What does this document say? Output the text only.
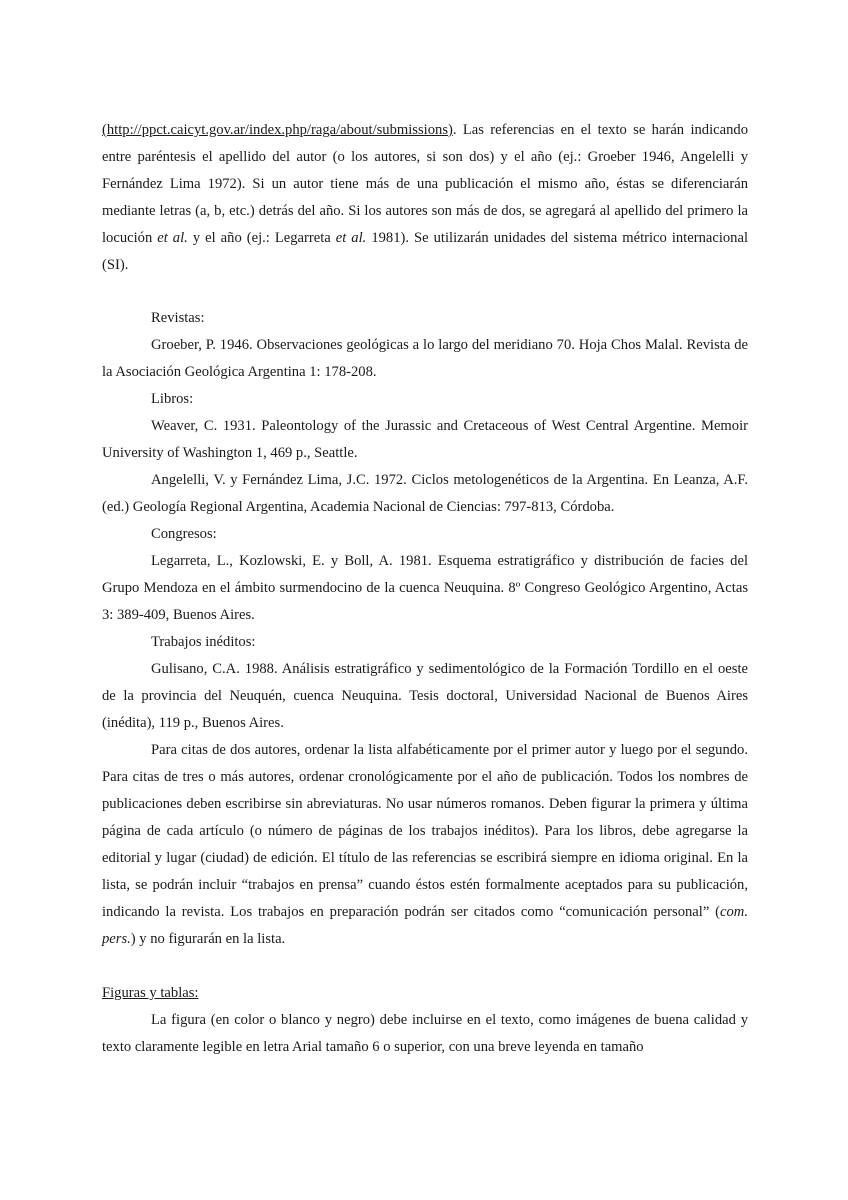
(http://ppct.caicyt.gov.ar/index.php/raga/about/submissions). Las referencias en el texto se harán indicando entre paréntesis el apellido del autor (o los autores, si son dos) y el año (ej.: Groeber 1946, Angelelli y Fernández Lima 1972). Si un autor tiene más de una publicación el mismo año, éstas se diferenciarán mediante letras (a, b, etc.) detrás del año. Si los autores son más de dos, se agregará al apellido del primero la locución et al. y el año (ej.: Legarreta et al. 1981). Se utilizarán unidades del sistema métrico internacional (SI).

Revistas:

Groeber, P. 1946. Observaciones geológicas a lo largo del meridiano 70. Hoja Chos Malal. Revista de la Asociación Geológica Argentina 1: 178-208.

Libros:

Weaver, C. 1931. Paleontology of the Jurassic and Cretaceous of West Central Argentine. Memoir University of Washington 1, 469 p., Seattle.

Angelelli, V. y Fernández Lima, J.C. 1972. Ciclos metologenéticos de la Argentina. En Leanza, A.F. (ed.) Geología Regional Argentina, Academia Nacional de Ciencias: 797-813, Córdoba.

Congresos:

Legarreta, L., Kozlowski, E. y Boll, A. 1981. Esquema estratigráfico y distribución de facies del Grupo Mendoza en el ámbito surmendocino de la cuenca Neuquina. 8º Congreso Geológico Argentino, Actas 3: 389-409, Buenos Aires.

Trabajos inéditos:

Gulisano, C.A. 1988. Análisis estratigráfico y sedimentológico de la Formación Tordillo en el oeste de la provincia del Neuquén, cuenca Neuquina. Tesis doctoral, Universidad Nacional de Buenos Aires (inédita), 119 p., Buenos Aires.

Para citas de dos autores, ordenar la lista alfabéticamente por el primer autor y luego por el segundo. Para citas de tres o más autores, ordenar cronológicamente por el año de publicación. Todos los nombres de publicaciones deben escribirse sin abreviaturas. No usar números romanos. Deben figurar la primera y última página de cada artículo (o número de páginas de los trabajos inéditos). Para los libros, debe agregarse la editorial y lugar (ciudad) de edición. El título de las referencias se escribirá siempre en idioma original. En la lista, se podrán incluir “trabajos en prensa” cuando éstos estén formalmente aceptados para su publicación, indicando la revista. Los trabajos en preparación podrán ser citados como “comunicación personal” (com. pers.) y no figurarán en la lista.

Figuras y tablas:

La figura (en color o blanco y negro) debe incluirse en el texto, como imágenes de buena calidad y texto claramente legible en letra Arial tamaño 6 o superior, con una breve leyenda en tamaño
